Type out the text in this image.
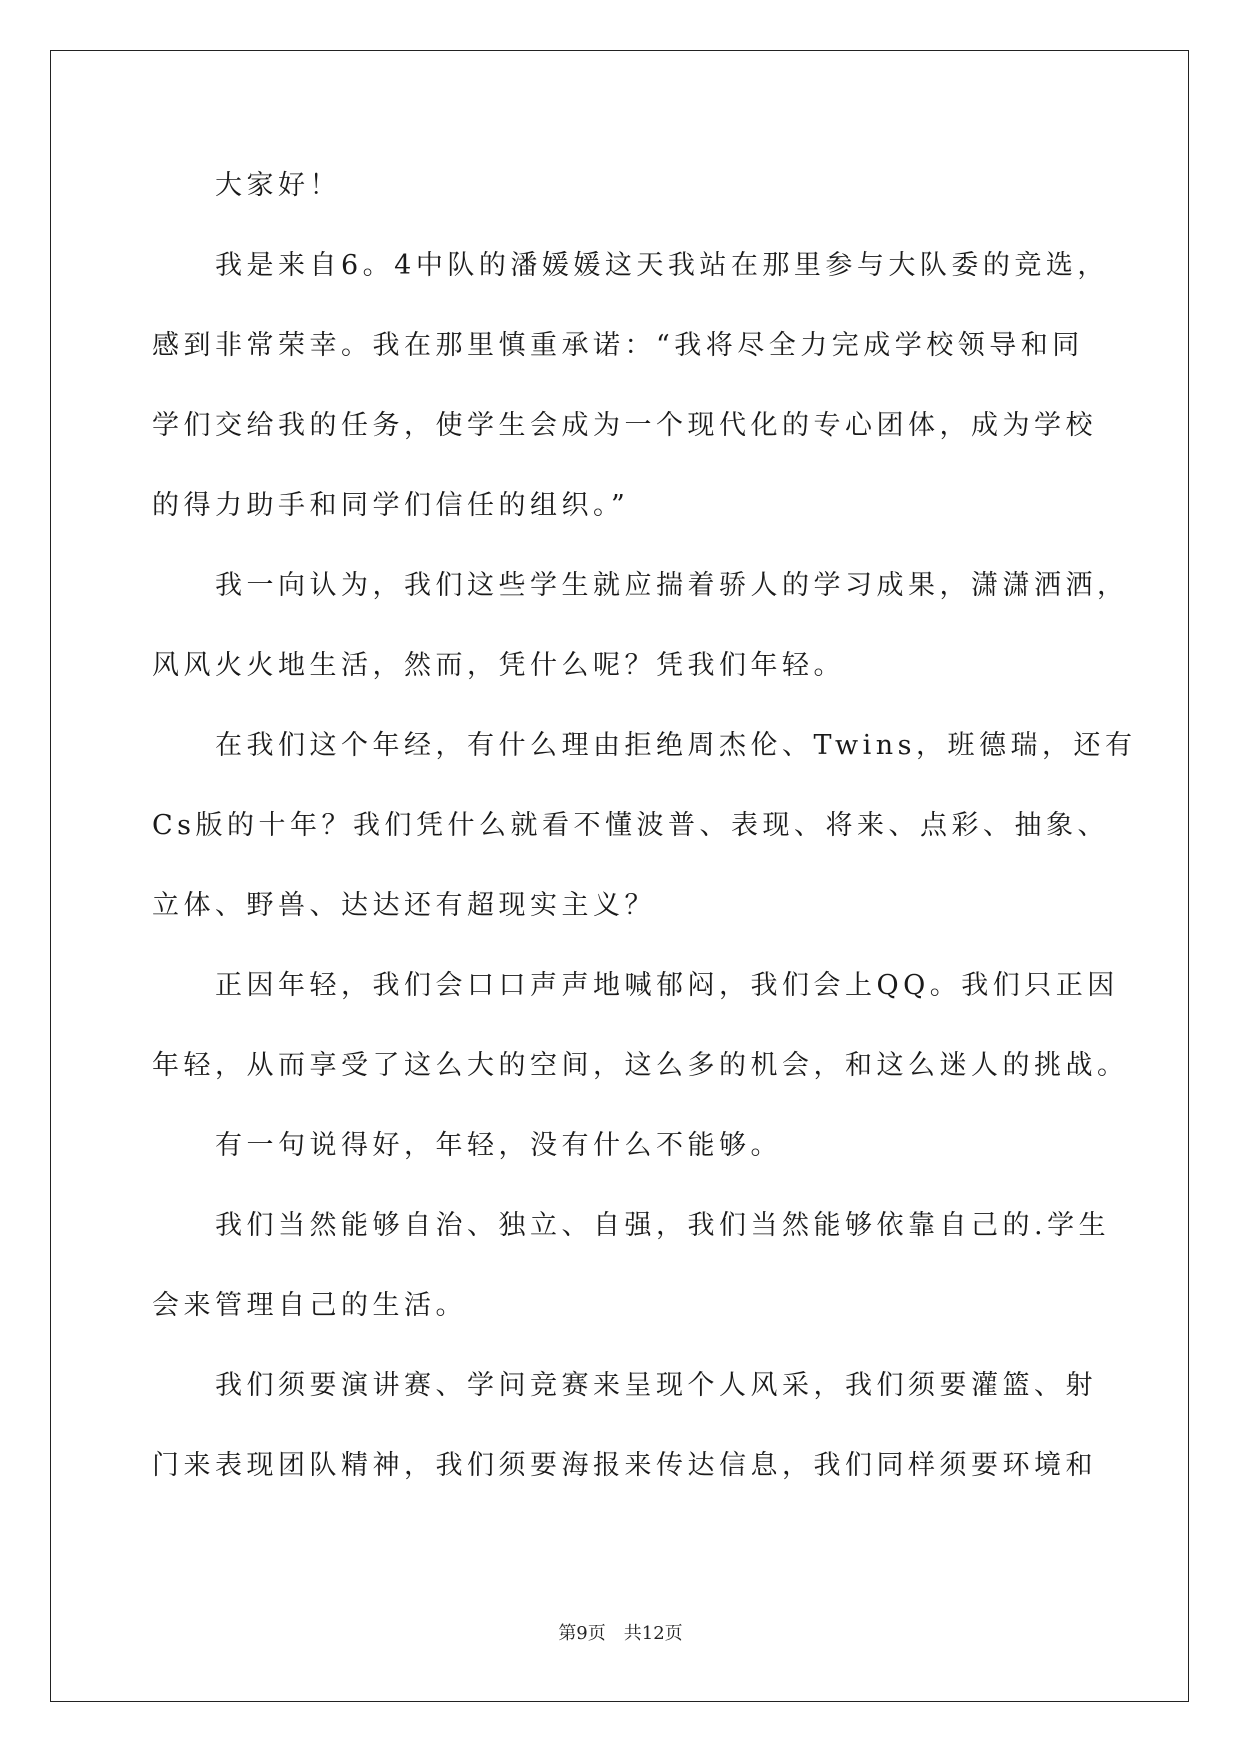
　　大家好！
　　我是来自6。4中队的潘媛媛这天我站在那里参与大队委的竞选，
感到非常荣幸。我在那里慎重承诺：“我将尽全力完成学校领导和同
学们交给我的任务，使学生会成为一个现代化的专心团体，成为学校
的得力助手和同学们信任的组织。”
　　我一向认为，我们这些学生就应揣着骄人的学习成果，潇潇洒洒，
风风火火地生活，然而，凭什么呢？凭我们年轻。
　　在我们这个年经，有什么理由拒绝周杰伦、Twins，班德瑞，还有
Cs版的十年？我们凭什么就看不懂波普、表现、将来、点彩、抽象、
立体、野兽、达达还有超现实主义？
　　正因年轻，我们会口口声声地喊郁闷，我们会上QQ。我们只正因
年轻，从而享受了这么大的空间，这么多的机会，和这么迷人的挑战。
　　有一句说得好，年轻，没有什么不能够。
　　我们当然能够自治、独立、自强，我们当然能够依靠自己的.学生
会来管理自己的生活。
　　我们须要演讲赛、学问竞赛来呈现个人风采，我们须要灌篮、射
门来表现团队精神，我们须要海报来传达信息，我们同样须要环境和
第9页 共12页
